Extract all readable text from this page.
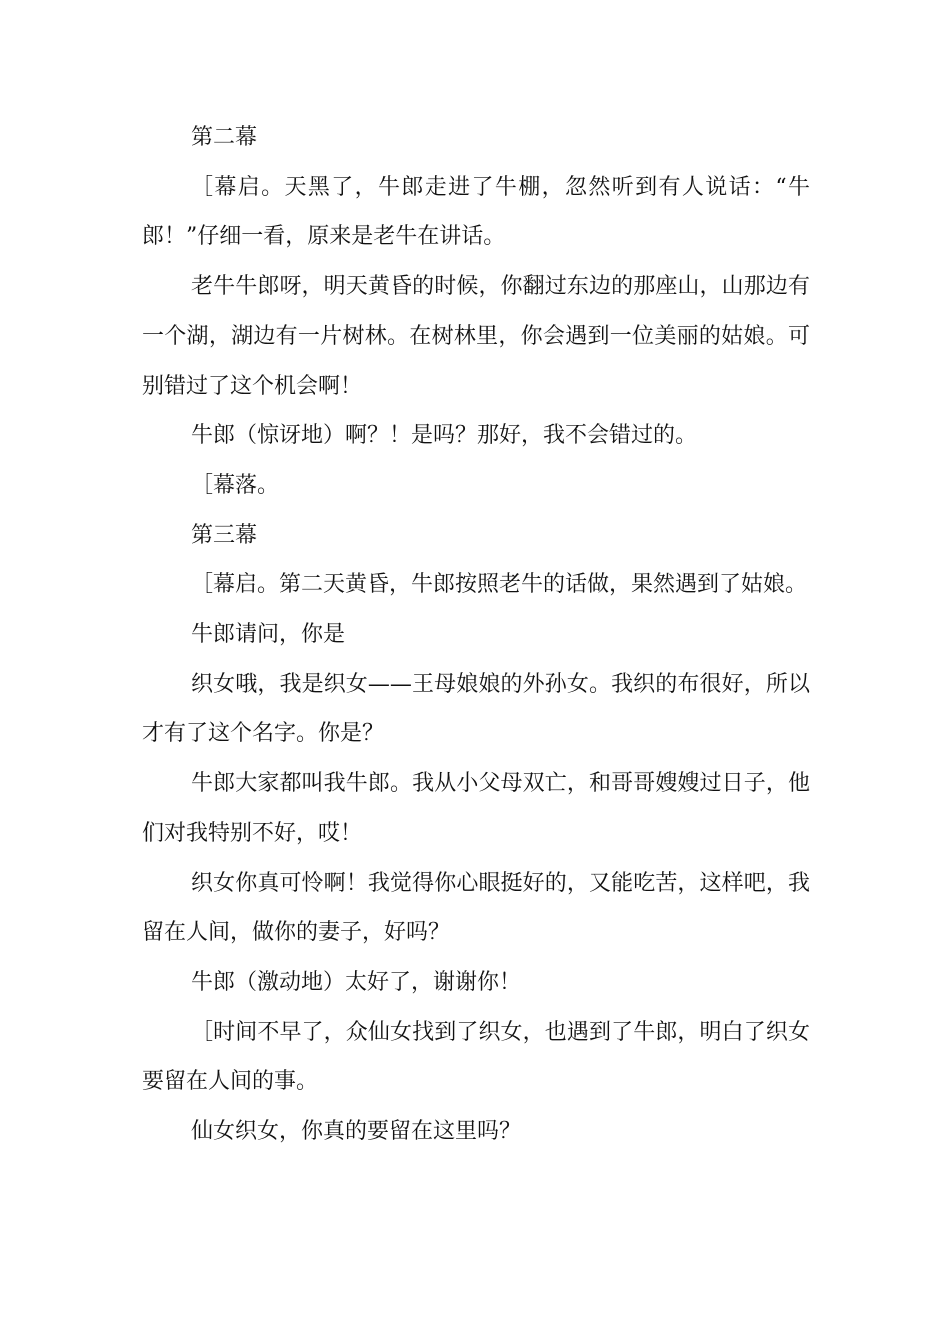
第二幕

［幕启。天黑了，牛郎走进了牛棚，忽然听到有人说话：“牛郎！”仔细一看，原来是老牛在讲话。

老牛牛郎呀，明天黄昏的时候，你翻过东边的那座山，山那边有一个湖，湖边有一片树林。在树林里，你会遇到一位美丽的姑娘。可别错过了这个机会啊！

牛郎（惊讶地）啊？！是吗？那好，我不会错过的。

［幕落。

第三幕

［幕启。第二天黄昏，牛郎按照老牛的话做，果然遇到了姑娘。

牛郎请问，你是

织女哦，我是织女——王母娘娘的外孙女。我织的布很好，所以才有了这个名字。你是？

牛郎大家都叫我牛郎。我从小父母双亡，和哥哥嫂嫂过日子，他们对我特别不好，哎！

织女你真可怜啊！我觉得你心眼挺好的，又能吃苦，这样吧，我留在人间，做你的妻子，好吗？

牛郎（激动地）太好了，谢谢你！

［时间不早了，众仙女找到了织女，也遇到了牛郎，明白了织女要留在人间的事。

仙女织女，你真的要留在这里吗？
